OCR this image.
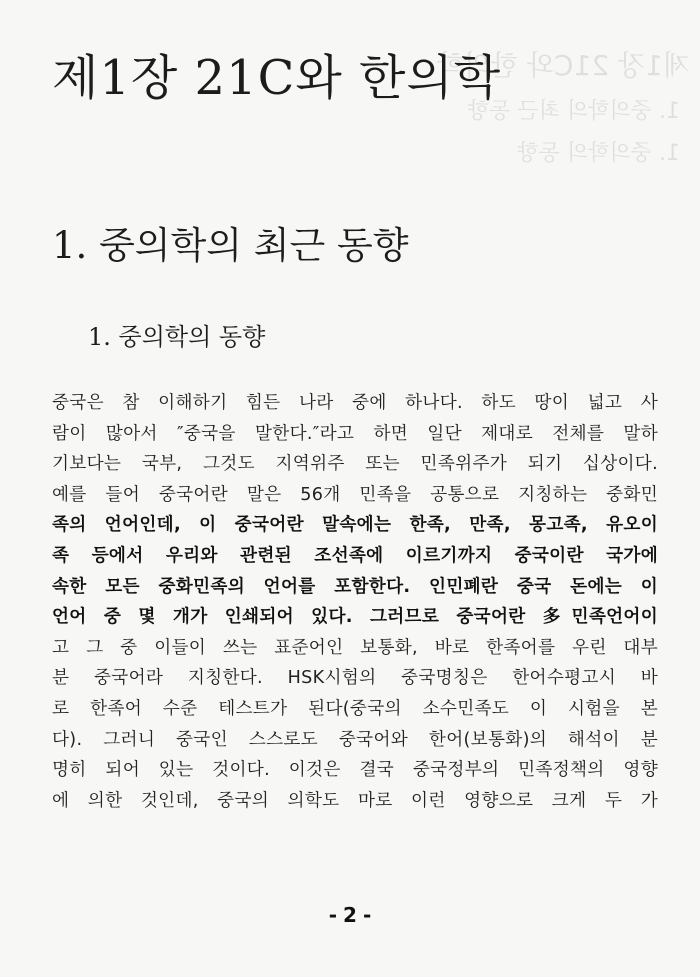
제1장 21C와 한의학
1. 중의학의 최근 동향
1. 중의학의 동향
제1장 21C와 한의학
1. 중의학의 최근 동향
1. 중의학의 동향
중국은 참 이해하기 힘든 나라 중에 하나다. 하도 땅이 넓고 사
람이 많아서 ″중국을 말한다.″라고 하면 일단 제대로 전체를 말하
기보다는 국부, 그것도 지역위주 또는 민족위주가 되기 십상이다.
예를 들어 중국어란 말은 56개 민족을 공통으로 지칭하는 중화민
족의 언어인데, 이 중국어란 말속에는 한족, 만족, 몽고족, 유오이
족 등에서 우리와 관련된 조선족에 이르기까지 중국이란 국가에
속한 모든 중화민족의 언어를 포함한다. 인민폐란 중국 돈에는 이
언어 중 몇 개가 인쇄되어 있다. 그러므로 중국어란 多민족언어이
고 그 중 이들이 쓰는 표준어인 보통화, 바로 한족어를 우린 대부
분 중국어라 지칭한다. HSK시험의 중국명칭은 한어수평고시 바
로 한족어 수준 테스트가 된다(중국의 소수민족도 이 시험을 본
다). 그러니 중국인 스스로도 중국어와 한어(보통화)의 해석이 분
명히 되어 있는 것이다. 이것은 결국 중국정부의 민족정책의 영향
에 의한 것인데, 중국의 의학도 마로 이런 영향으로 크게 두 가
- 2 -
